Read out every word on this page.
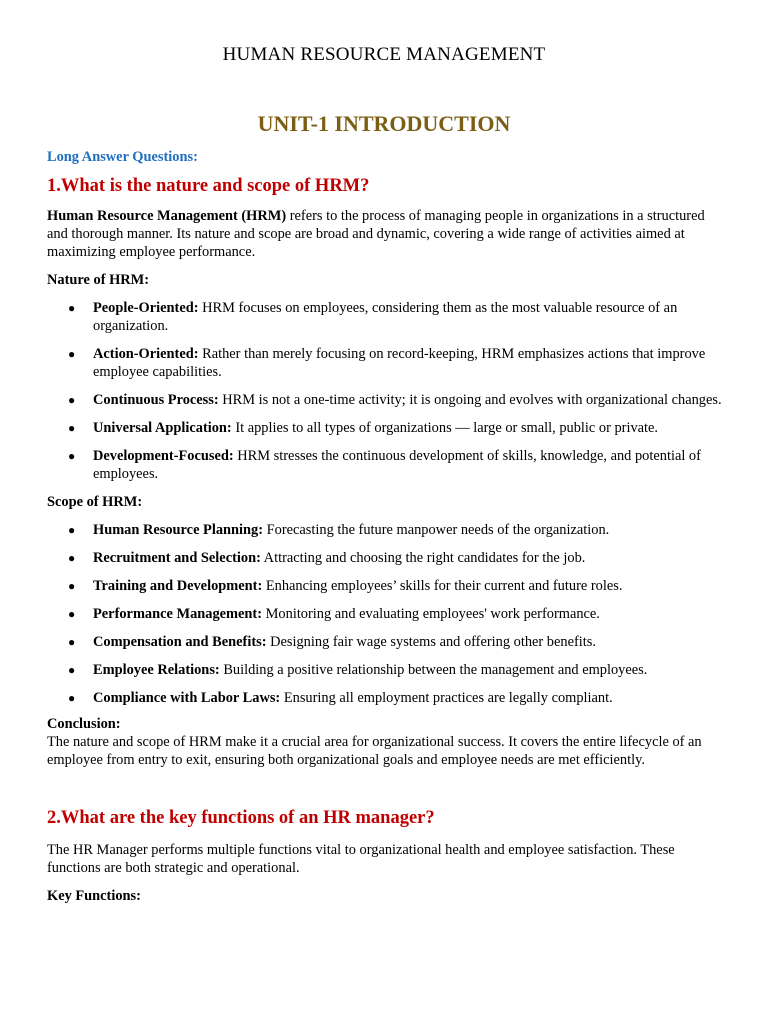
HUMAN RESOURCE MANAGEMENT
UNIT-1 INTRODUCTION

Long Answer Questions:

1.What is the nature and scope of HRM?

Human Resource Management (HRM) refers to the process of managing people in organizations in a structured and thorough manner. Its nature and scope are broad and dynamic, covering a wide range of activities aimed at maximizing employee performance.

Nature of HRM:

● People-Oriented: HRM focuses on employees, considering them as the most valuable resource of an organization.
● Action-Oriented: Rather than merely focusing on record-keeping, HRM emphasizes actions that improve employee capabilities.
● Continuous Process: HRM is not a one-time activity; it is ongoing and evolves with organizational changes.
● Universal Application: It applies to all types of organizations — large or small, public or private.
● Development-Focused: HRM stresses the continuous development of skills, knowledge, and potential of employees.

Scope of HRM:

● Human Resource Planning: Forecasting the future manpower needs of the organization.
● Recruitment and Selection: Attracting and choosing the right candidates for the job.
● Training and Development: Enhancing employees’ skills for their current and future roles.
● Performance Management: Monitoring and evaluating employees' work performance.
● Compensation and Benefits: Designing fair wage systems and offering other benefits.
● Employee Relations: Building a positive relationship between the management and employees.
● Compliance with Labor Laws: Ensuring all employment practices are legally compliant.

Conclusion:

The nature and scope of HRM make it a crucial area for organizational success. It covers the entire lifecycle of an employee from entry to exit, ensuring both organizational goals and employee needs are met efficiently.

2.What are the key functions of an HR manager?

The HR Manager performs multiple functions vital to organizational health and employee satisfaction. These functions are both strategic and operational.

Key Functions:
